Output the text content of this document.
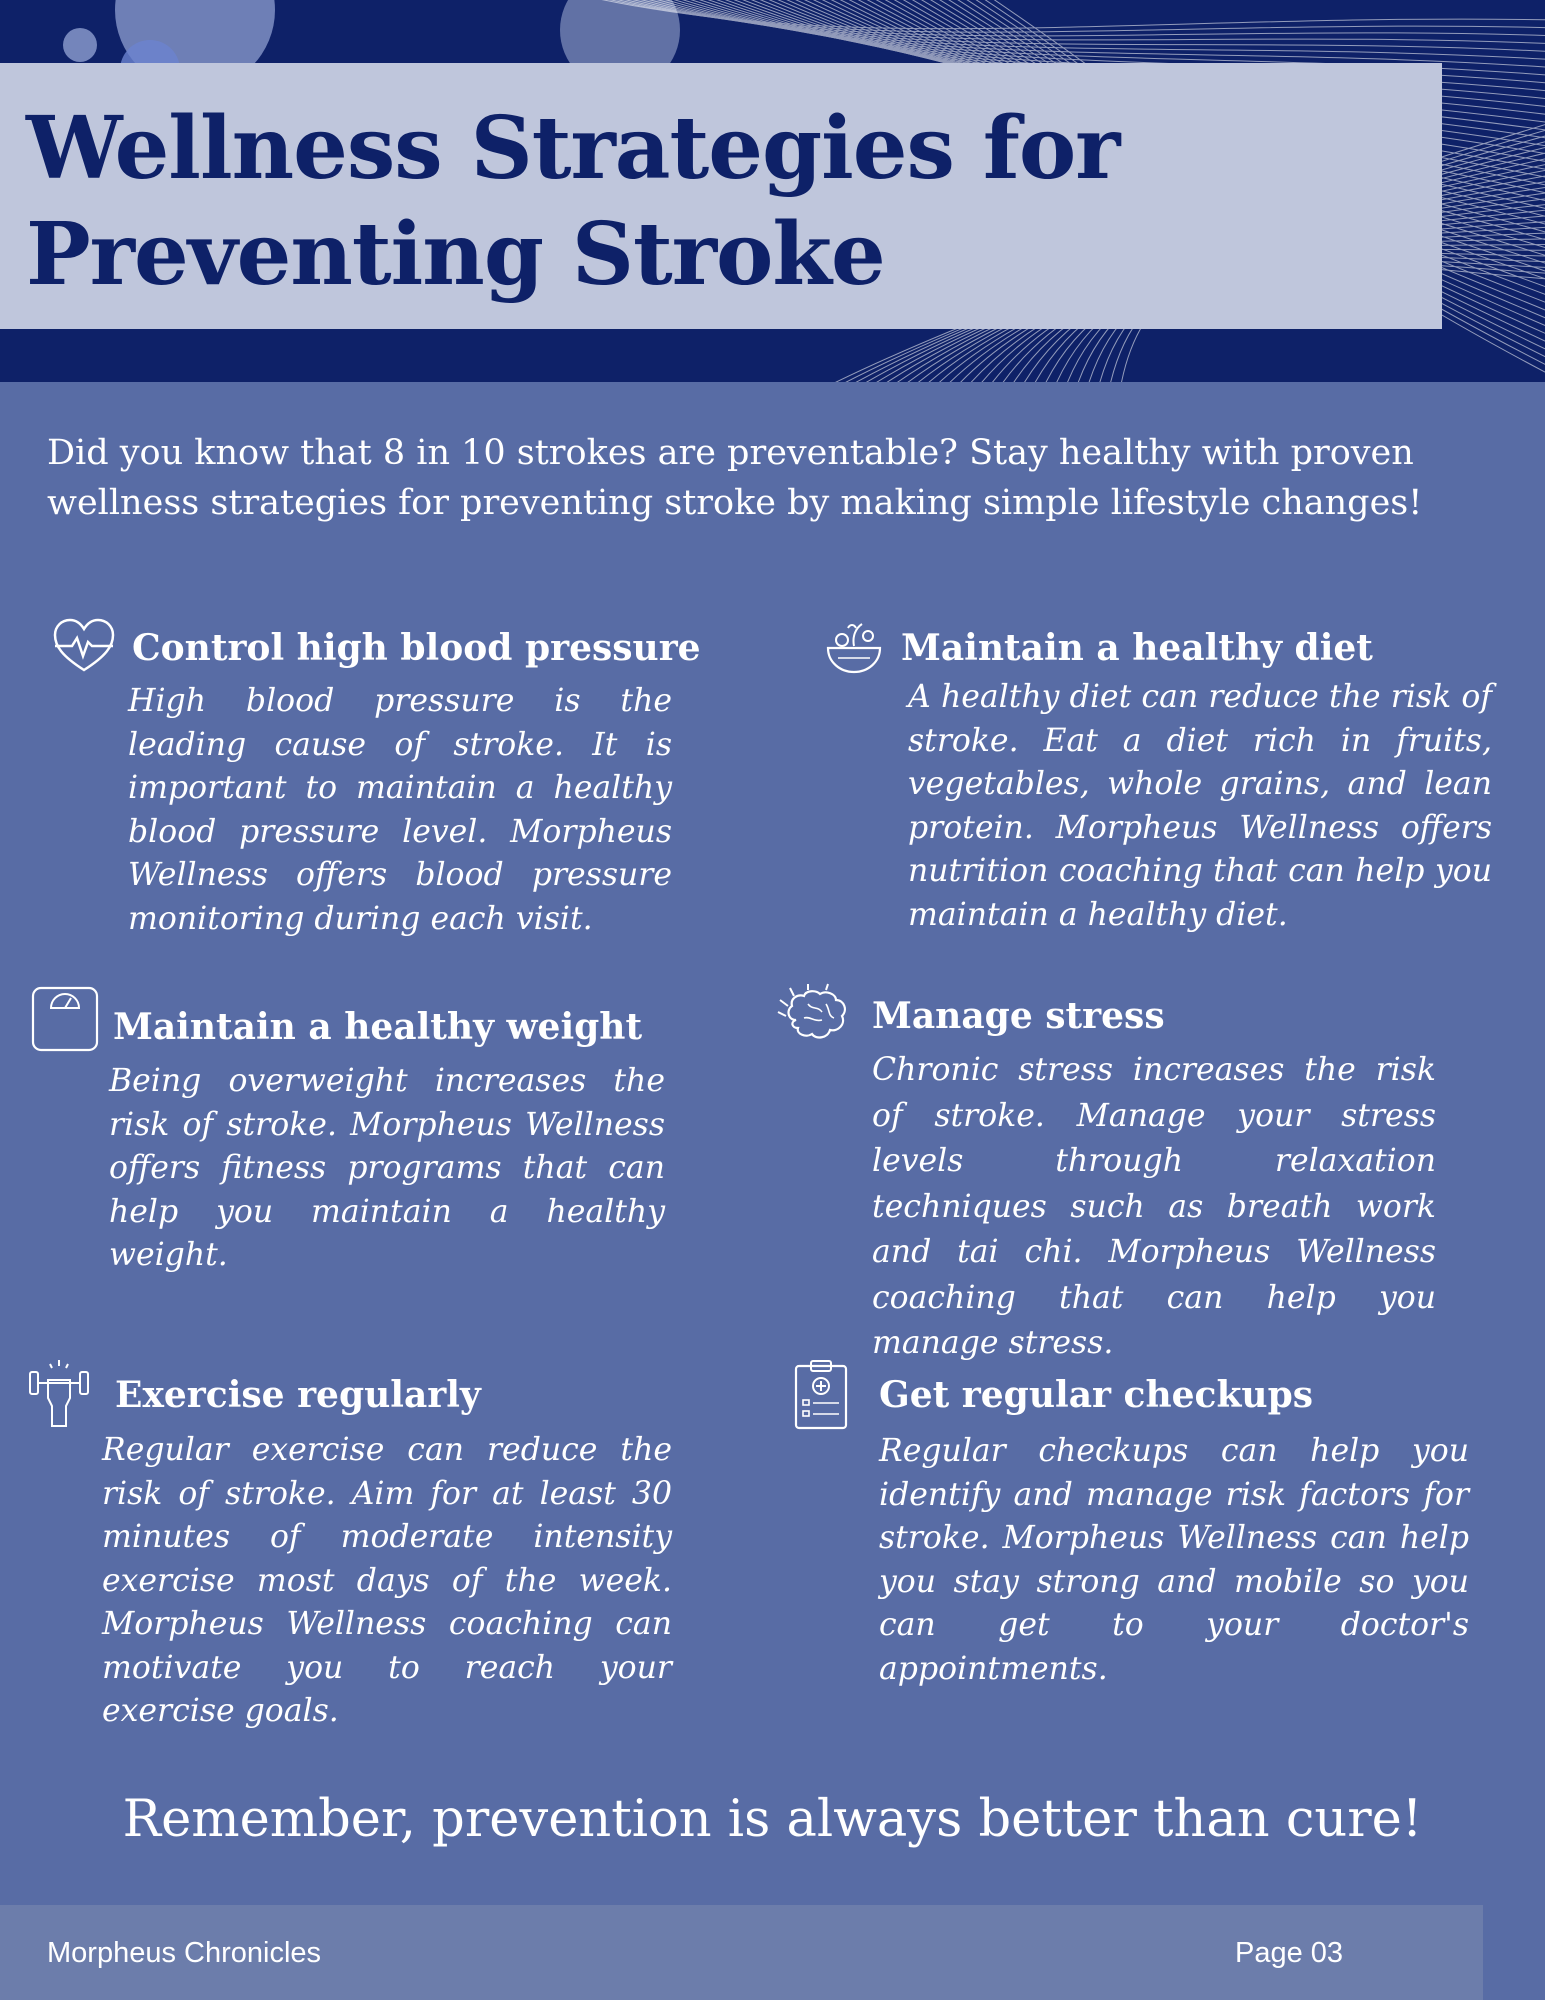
Wellness Strategies for Preventing Stroke

Did you know that 8 in 10 strokes are preventable? Stay healthy with proven wellness strategies for preventing stroke by making simple lifestyle changes!

Control high blood pressure

High blood pressure is the leading cause of stroke. It is important to maintain a healthy blood pressure level. Morpheus Wellness offers blood pressure monitoring during each visit.

Maintain a healthy diet

A healthy diet can reduce the risk of stroke. Eat a diet rich in fruits, vegetables, whole grains, and lean protein. Morpheus Wellness offers nutrition coaching that can help you maintain a healthy diet.

Maintain a healthy weight

Being overweight increases the risk of stroke. Morpheus Wellness offers fitness programs that can help you maintain a healthy weight.

Manage stress

Chronic stress increases the risk of stroke. Manage your stress levels through relaxation techniques such as breath work and tai chi. Morpheus Wellness coaching that can help you manage stress.

Exercise regularly

Regular exercise can reduce the risk of stroke. Aim for at least 30 minutes of moderate intensity exercise most days of the week. Morpheus Wellness coaching can motivate you to reach your exercise goals.

Get regular checkups

Regular checkups can help you identify and manage risk factors for stroke. Morpheus Wellness can help you stay strong and mobile so you can get to your doctor's appointments.

Remember, prevention is always better than cure!

Morpheus Chronicles	Page 03
